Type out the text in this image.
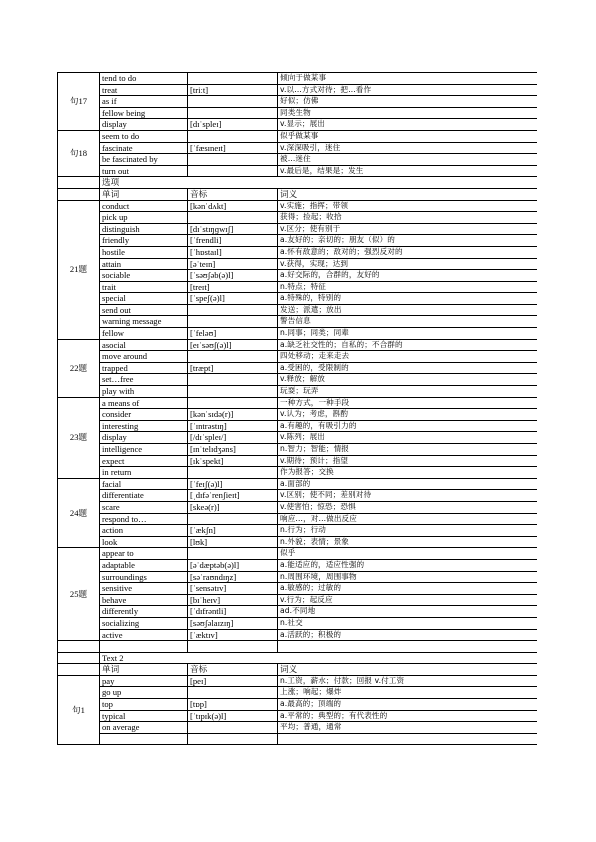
句17	tend to do		倾向于做某事
	treat	[triːt]	v.以…方式对待；把…看作
	as if		好似；仿佛
	fellow being		同类生物
	display	[dɪˈspleɪ]	v.显示；展出
句18	seem to do		似乎做某事
	fascinate	[ˈfæsɪneɪt]	v.深深吸引，迷住
	be fascinated by		被…迷住
	turn out		v.最后是，结果是；发生
	选项		
	单词	音标	词义
21题	conduct	[kənˈdʌkt]	v.实施；指挥；带领
	pick up		获得；捡起；收拾
	distinguish	[dɪˈstɪŋɡwɪʃ]	v.区分；使有别于
	friendly	[ˈfrendli]	a.友好的；亲切的；朋友（似）的
	hostile	[ˈhɒstaɪl]	a.怀有敌意的；敌对的；强烈反对的
	attain	[əˈteɪn]	v.获得，实现；达到
	sociable	[ˈsəʊʃəb(ə)l]	a.好交际的，合群的，友好的
	trait	[treɪt]	n.特点；特征
	special	[ˈspeʃ(ə)l]	a.特殊的，特别的
	send out		发送；派遣；放出
	warning message		警告信息
	fellow	[ˈfeləʊ]	n.同事；同类；同辈
22题	asocial	[eɪˈsəʊʃ(ə)l]	a.缺乏社交性的；自私的；不合群的
	move around		四处移动；走来走去
	trapped	[træpt]	a.受困的，受限制的
	set…free		v.释放；解放
	play with		玩耍；玩弄
23题	a means of		一种方式，一种手段
	consider	[kənˈsɪdə(r)]	v.认为；考虑，斟酌
	interesting	[ˈɪntrəstɪŋ]	a.有趣的，有吸引力的
	display	[/dɪˈspleɪ/]	v.陈列；展出
	intelligence	[ɪnˈtelɪdʒəns]	n.智力；智能；情报
	expect	[ɪkˈspekt]	v.期待；预计；指望
	in return		作为报答；交换
24题	facial	[ˈfeɪʃ(ə)l]	a.面部的
	differentiate	[ˌdɪfəˈrenʃieɪt]	v.区别；使不同；差别对待
	scare	[skeə(r)]	v.使害怕；惊恐；恐惧
	respond to…		响应…，对…做出反应
	action	[ˈækʃn]	n.行为；行动
	look	[lʊk]	n.外貌；表情；景象
25题	appear to		似乎
	adaptable	[əˈdæptəb(ə)l]	a.能适应的，适应性强的
	surroundings	[səˈraʊndɪŋz]	n.周围环境，周围事物
	sensitive	[ˈsensətɪv]	a.敏感的；过敏的
	behave	[bɪˈheɪv]	v.行为；起反应
	differently	[ˈdɪfrəntli]	ad.不同地
	socializing	[səʊʃəlaɪzɪŋ]	n.社交
	active	[ˈæktɪv]	a.活跃的；积极的

	Text 2		
	单词	音标	词义
句1	pay	[peɪ]	n.工资，薪水；付款；回报 v.付工资
	go up		上涨；响起；爆炸
	top	[tɒp]	a.最高的；顶端的
	typical	[ˈtɪpɪk(ə)l]	a.平常的；典型的；有代表性的
	on average		平均；普通，通常
